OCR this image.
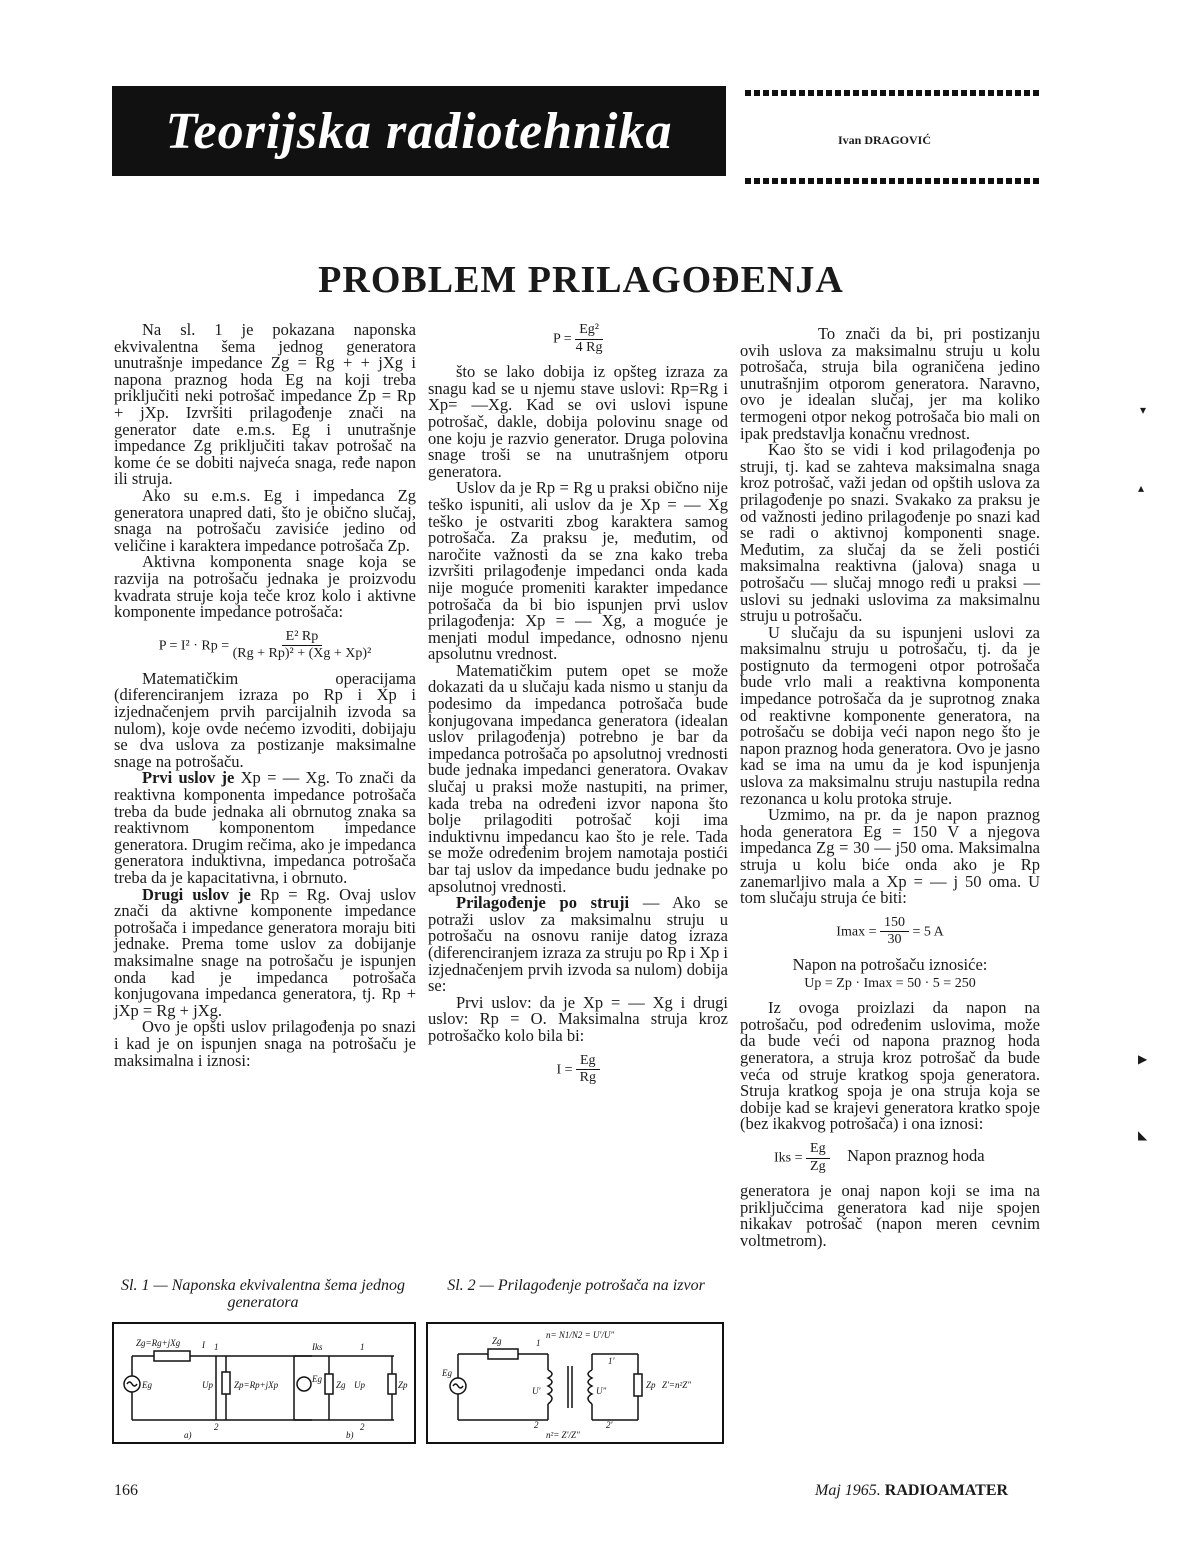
Teorijska radiotehnika	Ivan DRAGOVIĆ
PROBLEM PRILAGOĐENJA

Na sl. 1 je pokazana naponska ekvivalentna šema jednog generatora unutrašnje impedance Zg = Rg + + jXg i napona praznog hoda Eg na koji treba priključiti neki potrošač impedance Zp = Rp + jXp. Izvršiti prilagođenje znači na generator date e.m.s. Eg i unutrašnje impedance Zg priključiti takav potrošač na kome će se dobiti najveća snaga, ređe napon ili struja.

Ako su e.m.s. Eg i impedanca Zg generatora unapred dati, što je obično slučaj, snaga na potrošaču zavisiće jedino od veličine i karaktera impedance potrošača Zp.

Aktivna komponenta snage koja se razvija na potrošaču jednaka je proizvodu kvadrata struje koja teče kroz kolo i aktivne komponente impedance potrošača:

$P = I^2 \cdot Rp = \frac{\text{E² Rp}}{\text{(Rg + Rp)² + (Xg + Xp)²}}$

Matematičkim operacijama (diferenciranjem izraza po Rp i Xp i izjednačenjem prvih parcijalnih izvoda sa nulom), koje ovde nećemo izvoditi, dobijaju se dva uslova za postizanje maksimalne snage na potrošaču.

Prvi uslov je Xp = — Xg. To znači da reaktivna komponenta impedance potrošača treba da bude jednaka ali obrnutog znaka sa reaktivnom komponentom impedance generatora. Drugim rečima, ako je impedanca generatora induktivna, impedanca potrošača treba da je kapacitativna, i obrnuto.

Drugi uslov je Rp = Rg. Ovaj uslov znači da aktivne komponente impedance potrošača i impedance generatora moraju biti jednake. Prema tome uslov za dobijanje maksimalne snage na potrošaču je ispunjen onda kad je impedanca potrošača konjugovana impedanca generatora, tj. Rp + jXp = Rg + jXg.

Ovo je opšti uslov prilagođenja po snazi i kad je on ispunjen snaga na potrošaču je maksimalna i iznosi:

$P = \frac{\text{Eg²}}{4 Rg}$

što se lako dobija iz opšteg izraza za snagu kad se u njemu stave uslovi: Rp=Rg i Xp= —Xg. Kad se ovi uslovi ispune potrošač, dakle, dobija polovinu snage od one koju je razvio generator. Druga polovina snage troši se na unutrašnjem otporu generatora.

Uslov da je Rp = Rg u praksi obično nije teško ispuniti, ali uslov da je Xp = — Xg teško je ostvariti zbog karaktera samog potrošača. Za praksu je, međutim, od naročite važnosti da se zna kako treba izvršiti prilagođenje impedanci onda kada nije moguće promeniti karakter impedance potrošača da bi bio ispunjen prvi uslov prilagođenja: Xp = — Xg, a moguće je menjati modul impedance, odnosno njenu apsolutnu vrednost.

Matematičkim putem opet se može dokazati da u slučaju kada nismo u stanju da podesimo da impedanca potrošača bude konjugovana impedanca generatora (idealan uslov prilagođenja) potrebno je bar da impedanca potrošača po apsolutnoj vrednosti bude jednaka impedanci generatora. Ovakav slučaj u praksi može nastupiti, na primer, kada treba na određeni izvor napona što bolje prilagoditi potrošač koji ima induktivnu impedancu kao što je rele. Tada se može određenim brojem namotaja postići bar taj uslov da impedance budu jednake po apsolutnoj vrednosti.

Prilagođenje po struji — Ako se potraži uslov za maksimalnu struju u potrošaču na osnovu ranije datog izraza (diferenciranjem izraza za struju po Rp i Xp i izjednačenjem prvih izvoda sa nulom) dobija se:

Prvi uslov: da je Xp = — Xg i drugi uslov: Rp = O. Maksimalna struja kroz potrošačko kolo bila bi:

$I = \frac{Eg}{Rg}$

To znači da bi, pri postizanju ovih uslova za maksimalnu struju u kolu potrošača, struja bila ograničena jedino unutrašnjim otporom generatora. Naravno, ovo je idealan slučaj, jer ma koliko termogeni otpor nekog potrošača bio mali on ipak predstavlja konačnu vrednost.

Kao što se vidi i kod prilagođenja po struji, tj. kad se zahteva maksimalna snaga kroz potrošač, važi jedan od opštih uslova za prilagođenje po snazi. Svakako za praksu je od važnosti jedino prilagođenje po snazi kad se radi o aktivnoj komponenti snage. Međutim, za slučaj da se želi postići maksimalna reaktivna (jalova) snaga u potrošaču — slučaj mnogo ređi u praksi — uslovi su jednaki uslovima za maksimalnu struju u potrošaču.

U slučaju da su ispunjeni uslovi za maksimalnu struju u potrošaču, tj. da je postignuto da termogeni otpor potrošača bude vrlo mali a reaktivna komponenta impedance potrošača da je suprotnog znaka od reaktivne komponente generatora, na potrošaču se dobija veći napon nego što je napon praznog hoda generatora. Ovo je jasno kad se ima na umu da je kod ispunjenja uslova za maksimalnu struju nastupila redna rezonanca u kolu protoka struje.

Uzmimo, na pr. da je napon praznog hoda generatora Eg = 150 V a njegova impedanca Zg = 30 — j50 oma. Maksimalna struja u kolu biće onda ako je Rp zanemarljivo mala a Xp = — j 50 oma. U tom slučaju struja će biti:

$Imax = \frac{150}{30} = 5$ A

Napon na potrošaču iznosiće:

Up = Zp · Imax = 50 · 5 = 250

Iz ovoga proizlazi da napon na potrošaču, pod određenim uslovima, može da bude veći od napona praznog hoda generatora, a struja kroz potrošač da bude veća od struje kratkog spoja generatora. Struja kratkog spoja je ona struja koja se dobije kad se krajevi generatora kratko spoje (bez ikakvog potrošača) i ona iznosi:

Iks = $\frac{Eg}{Zg}$ Napon praznog hoda

generatora je onaj napon koji se ima na priključcima generatora kad nije spojen nikakav potrošač (napon meren cevnim voltmetrom).

Sl. 1 — Naponska ekvivalentna šema jednog generatora
Sl. 2 — Prilagođenje potrošača na izvor
Zg=Rg+jXg I
Eg	Up Zp=Rp+jXp
1
2
a)
Iks	1
Eg
Zg Up	Zp
2
b)
Zg	1
n= N1/N2 = U'/U"
Eg
U'	U"
1'
Zp Z'=n²Z"
2	2'
n²= Z'/Z"
▾
▴
▶
◣
166	Maj 1965. RADIOAMATER
